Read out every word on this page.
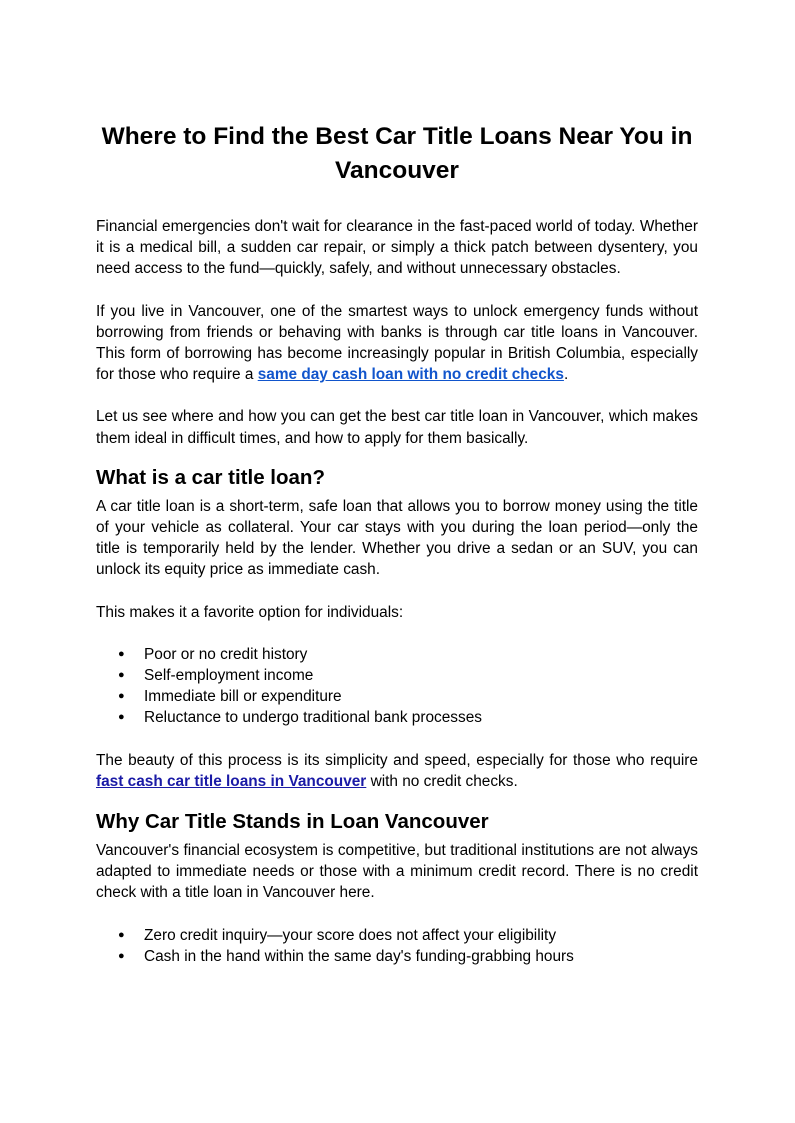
Where to Find the Best Car Title Loans Near You in Vancouver

Financial emergencies don't wait for clearance in the fast-paced world of today. Whether it is a medical bill, a sudden car repair, or simply a thick patch between dysentery, you need access to the fund—quickly, safely, and without unnecessary obstacles.

If you live in Vancouver, one of the smartest ways to unlock emergency funds without borrowing from friends or behaving with banks is through car title loans in Vancouver. This form of borrowing has become increasingly popular in British Columbia, especially for those who require a same day cash loan with no credit checks.

Let us see where and how you can get the best car title loan in Vancouver, which makes them ideal in difficult times, and how to apply for them basically.

What is a car title loan?

A car title loan is a short-term, safe loan that allows you to borrow money using the title of your vehicle as collateral. Your car stays with you during the loan period—only the title is temporarily held by the lender. Whether you drive a sedan or an SUV, you can unlock its equity price as immediate cash.

This makes it a favorite option for individuals:

● Poor or no credit history
● Self-employment income
● Immediate bill or expenditure
● Reluctance to undergo traditional bank processes

The beauty of this process is its simplicity and speed, especially for those who require fast cash car title loans in Vancouver with no credit checks.

Why Car Title Stands in Loan Vancouver

Vancouver's financial ecosystem is competitive, but traditional institutions are not always adapted to immediate needs or those with a minimum credit record. There is no credit check with a title loan in Vancouver here.

● Zero credit inquiry—your score does not affect your eligibility
● Cash in the hand within the same day's funding-grabbing hours
